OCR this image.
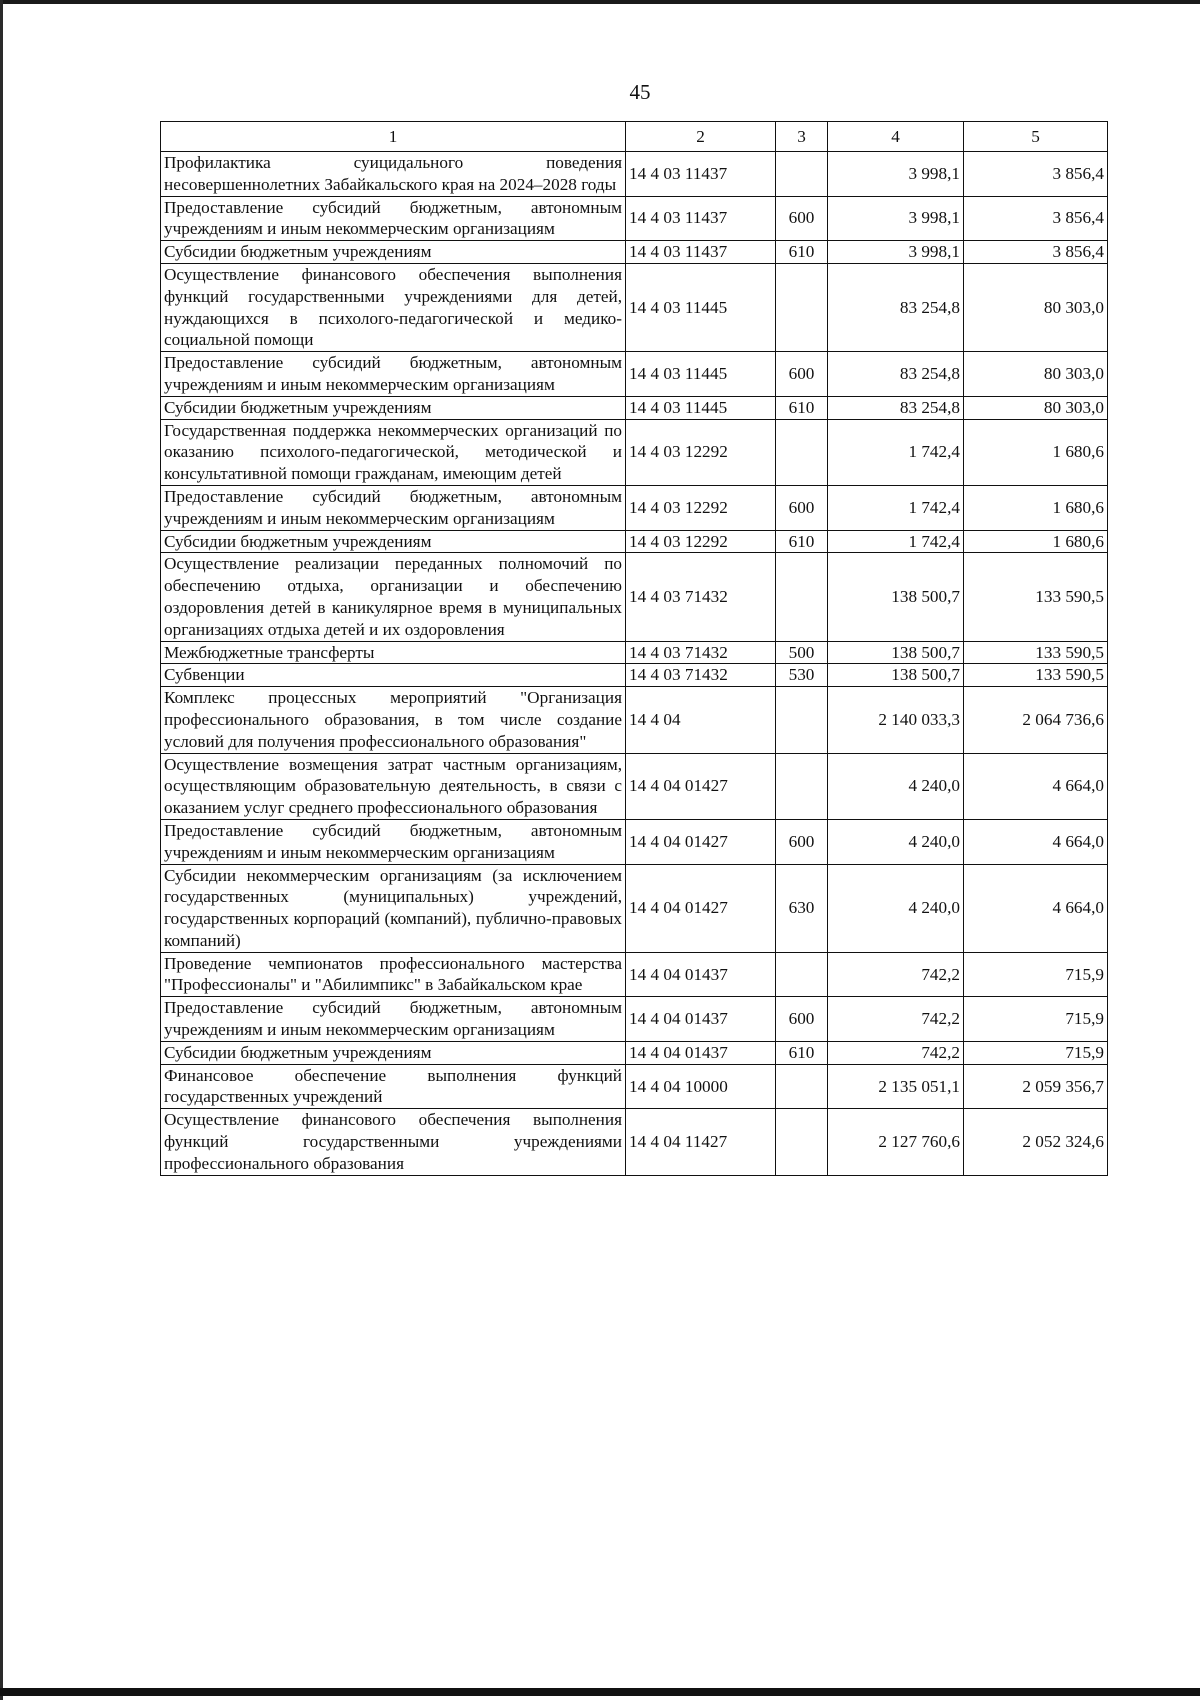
45
1	2	3	4	5
Профилактика суицидального поведения несовершеннолетних Забайкальского края на 2024–2028 годы	14 4 03 11437		3 998,1	3 856,4
Предоставление субсидий бюджетным, автономным учреждениям и иным некоммерческим организациям	14 4 03 11437	600	3 998,1	3 856,4
Субсидии бюджетным учреждениям	14 4 03 11437	610	3 998,1	3 856,4
Осуществление финансового обеспечения выполнения функций государственными учреждениями для детей, нуждающихся в психолого-педагогической и медико-социальной помощи	14 4 03 11445		83 254,8	80 303,0
Предоставление субсидий бюджетным, автономным учреждениям и иным некоммерческим организациям	14 4 03 11445	600	83 254,8	80 303,0
Субсидии бюджетным учреждениям	14 4 03 11445	610	83 254,8	80 303,0
Государственная поддержка некоммерческих организаций по оказанию психолого-педагогической, методической и консультативной помощи гражданам, имеющим детей	14 4 03 12292		1 742,4	1 680,6
Предоставление субсидий бюджетным, автономным учреждениям и иным некоммерческим организациям	14 4 03 12292	600	1 742,4	1 680,6
Субсидии бюджетным учреждениям	14 4 03 12292	610	1 742,4	1 680,6
Осуществление реализации переданных полномочий по обеспечению отдыха, организации и обеспечению оздоровления детей в каникулярное время в муниципальных организациях отдыха детей и их оздоровления	14 4 03 71432		138 500,7	133 590,5
Межбюджетные трансферты	14 4 03 71432	500	138 500,7	133 590,5
Субвенции	14 4 03 71432	530	138 500,7	133 590,5
Комплекс процессных мероприятий "Организация профессионального образования, в том числе создание условий для получения профессионального образования"	14 4 04		2 140 033,3	2 064 736,6
Осуществление возмещения затрат частным организациям, осуществляющим образовательную деятельность, в связи с оказанием услуг среднего профессионального образования	14 4 04 01427		4 240,0	4 664,0
Предоставление субсидий бюджетным, автономным учреждениям и иным некоммерческим организациям	14 4 04 01427	600	4 240,0	4 664,0
Субсидии некоммерческим организациям (за исключением государственных (муниципальных) учреждений, государственных корпораций (компаний), публично-правовых компаний)	14 4 04 01427	630	4 240,0	4 664,0
Проведение чемпионатов профессионального мастерства "Профессионалы" и "Абилимпикс" в Забайкальском крае	14 4 04 01437		742,2	715,9
Предоставление субсидий бюджетным, автономным учреждениям и иным некоммерческим организациям	14 4 04 01437	600	742,2	715,9
Субсидии бюджетным учреждениям	14 4 04 01437	610	742,2	715,9
Финансовое обеспечение выполнения функций государственных учреждений	14 4 04 10000		2 135 051,1	2 059 356,7
Осуществление финансового обеспечения выполнения функций государственными учреждениями профессионального образования	14 4 04 11427		2 127 760,6	2 052 324,6
